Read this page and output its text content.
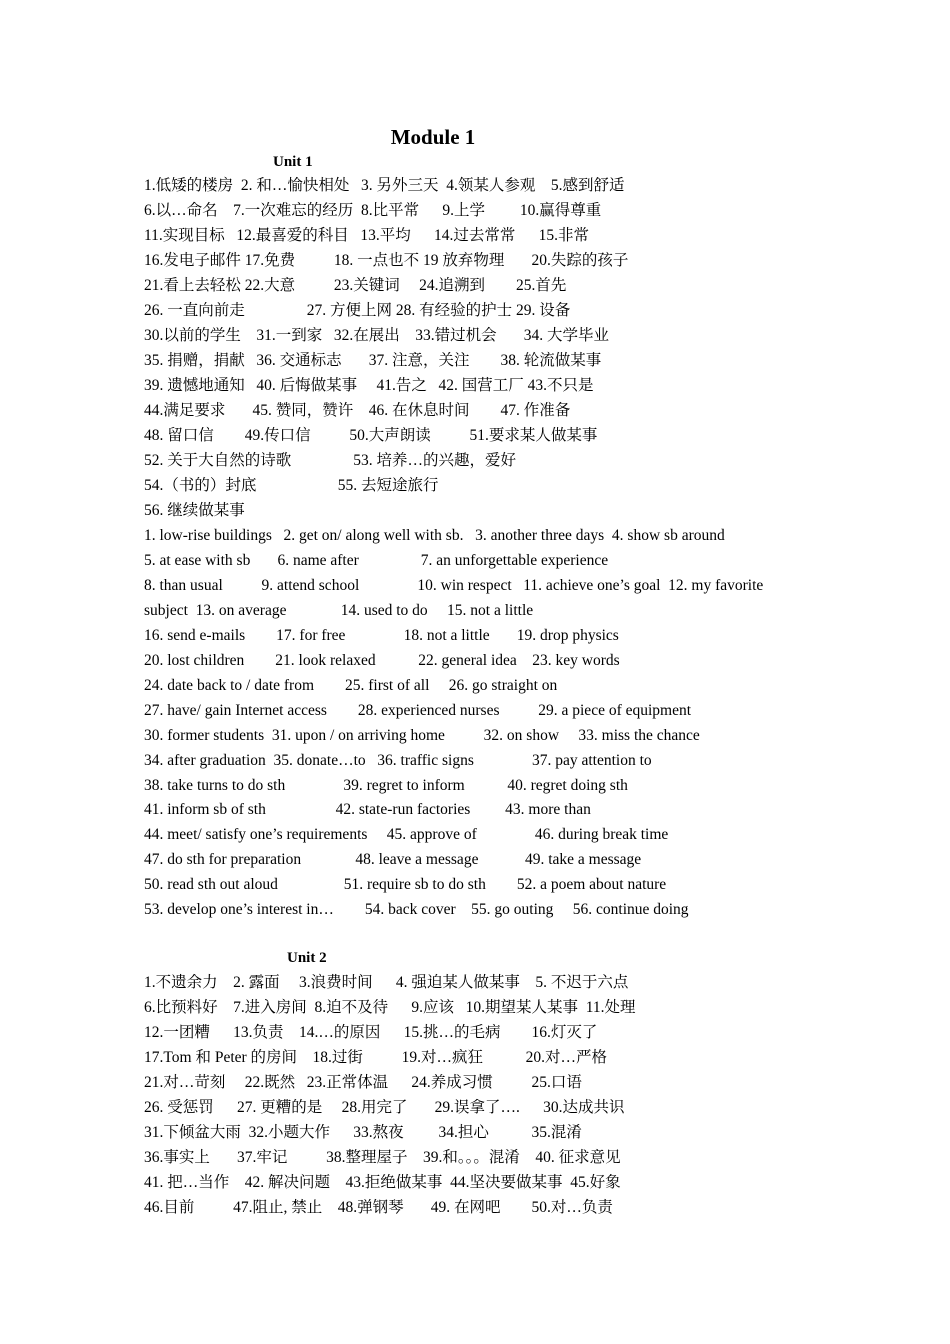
Module 1
Unit 1
1.低矮的楼房  2. 和…愉快相处   3. 另外三天  4.领某人参观    5.感到舒适
6.以…命名    7.一次难忘的经历  8.比平常      9.上学         10.赢得尊重
11.实现目标   12.最喜爱的科目   13.平均      14.过去常常      15.非常
16.发电子邮件 17.免费          18. 一点也不 19 放弃物理       20.失踪的孩子
21.看上去轻松 22.大意          23.关键词     24.追溯到        25.首先
26. 一直向前走                27. 方便上网 28. 有经验的护士 29. 设备
30.以前的学生    31.一到家   32.在展出    33.错过机会       34. 大学毕业
35. 捐赠，捐献   36. 交通标志       37. 注意，关注        38. 轮流做某事
39. 遗憾地通知   40. 后悔做某事     41.告之   42. 国营工厂 43.不只是
44.满足要求       45. 赞同，赞许    46. 在休息时间        47. 作准备
48. 留口信        49.传口信          50.大声朗读          51.要求某人做某事
52. 关于大自然的诗歌                53. 培养…的兴趣，爱好
54.（书的）封底                     55. 去短途旅行
56. 继续做某事
1. low-rise buildings   2. get on/ along well with sb.   3. another three days  4. show sb around
5. at ease with sb       6. name after                7. an unforgettable experience
8. than usual          9. attend school               10. win respect   11. achieve one’s goal  12. my favorite
subject  13. on average              14. used to do     15. not a little
16. send e-mails        17. for free               18. not a little       19. drop physics
20. lost children        21. look relaxed           22. general idea    23. key words
24. date back to / date from        25. first of all     26. go straight on
27. have/ gain Internet access        28. experienced nurses          29. a piece of equipment
30. former students  31. upon / on arriving home          32. on show     33. miss the chance
34. after graduation  35. donate…to   36. traffic signs               37. pay attention to
38. take turns to do sth               39. regret to inform           40. regret doing sth
41. inform sb of sth                  42. state-run factories         43. more than
44. meet/ satisfy one’s requirements     45. approve of               46. during break time
47. do sth for preparation              48. leave a message            49. take a message
50. read sth out aloud                 51. require sb to do sth        52. a poem about nature
53. develop one’s interest in…        54. back cover    55. go outing     56. continue doing
Unit 2
1.不遗余力    2. 露面     3.浪费时间      4. 强迫某人做某事    5. 不迟于六点
6.比预料好    7.进入房间  8.迫不及待      9.应该   10.期望某人某事  11.处理
12.一团糟      13.负责    14.…的原因      15.挑…的毛病        16.灯灭了
17.Tom 和 Peter 的房间    18.过街          19.对…疯狂           20.对…严格
21.对…苛刻     22.既然   23.正常体温      24.养成习惯          25.口语
26. 受惩罚      27. 更糟的是     28.用完了       29.误拿了….      30.达成共识
31.下倾盆大雨  32.小题大作      33.熬夜         34.担心           35.混淆
36.事实上       37.牢记          38.整理屋子    39.和。。。混淆    40. 征求意见
41. 把…当作    42. 解决问题    43.拒绝做某事  44.坚决要做某事  45.好象
46.目前          47.阻止, 禁止    48.弹钢琴       49. 在网吧        50.对…负责
